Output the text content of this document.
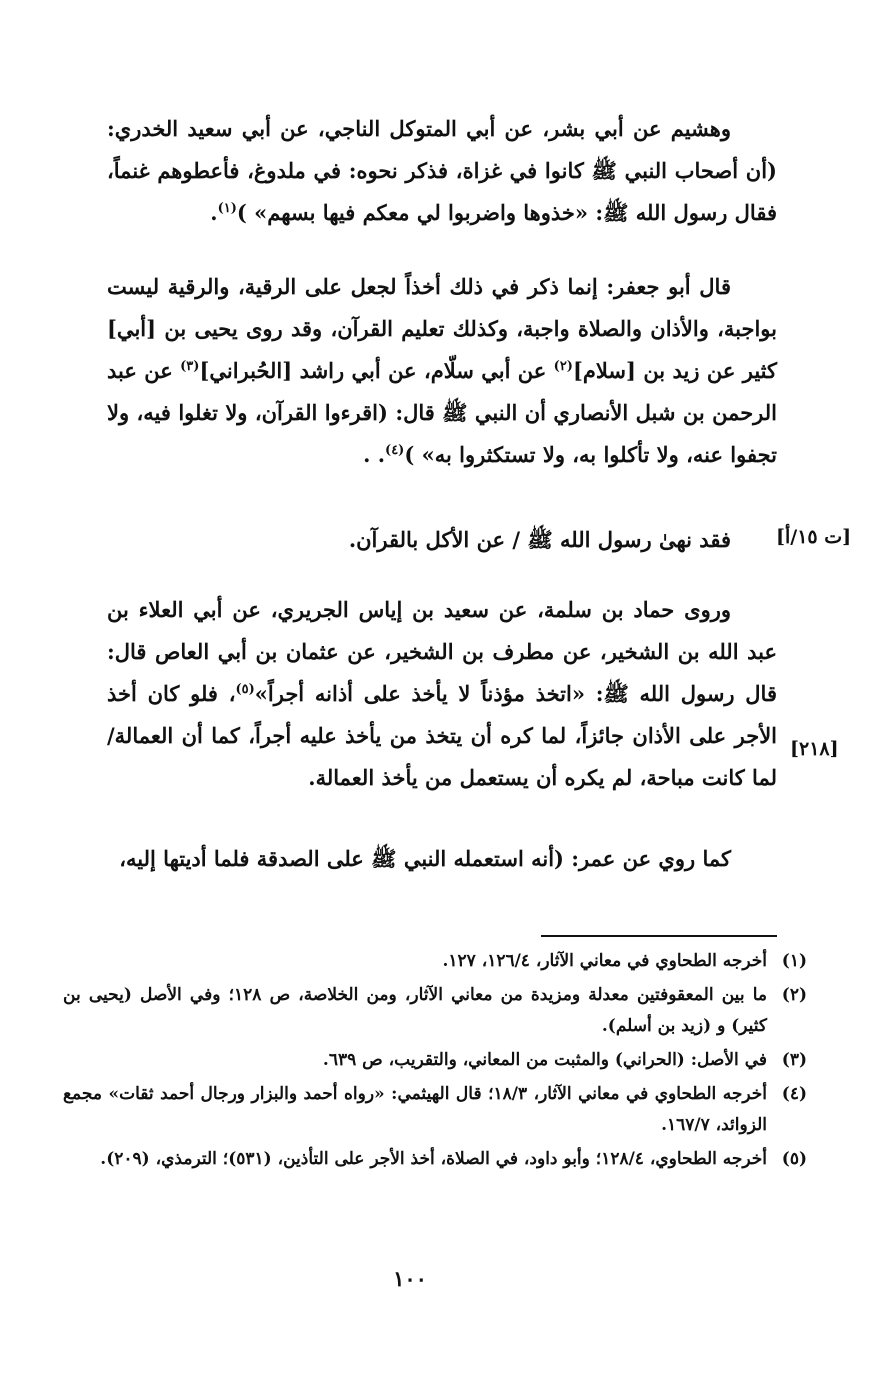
وهشيم عن أبي بشر، عن أبي المتوكل الناجي، عن أبي سعيد الخدري: (أن أصحاب النبي ﷺ كانوا في غزاة، فذكر نحوه: في ملدوغ، فأعطوهم غنماً، فقال رسول الله ﷺ: «خذوها واضربوا لي معكم فيها بسهم» )$^{(١)}$.
قال أبو جعفر: إنما ذكر في ذلك أخذاً لجعل على الرقية، والرقية ليست بواجبة، والأذان والصلاة واجبة، وكذلك تعليم القرآن، وقد روى يحيى بن [أبي] كثير عن زيد بن [سلام]$^{(٢)}$ عن أبي سلّام، عن أبي راشد [الحُبراني]$^{(٣)}$ عن عبد الرحمن بن شبل الأنصاري أن النبي ﷺ قال: (اقرءوا القرآن، ولا تغلوا فيه، ولا تجفوا عنه، ولا تأكلوا به، ولا تستكثروا به» )$^{(٤)}$. .
فقد نهىٰ رسول الله ﷺ / عن الأكل بالقرآن.	[ت ١٥/أ]
وروى حماد بن سلمة، عن سعيد بن إياس الجريري، عن أبي العلاء بن عبد الله بن الشخير، عن مطرف بن الشخير، عن عثمان بن أبي العاص قال: قال رسول الله ﷺ: «اتخذ مؤذناً لا يأخذ على أذانه أجراً»$^{(٥)}$، فلو كان أخذ الأجر على الأذان جائزاً، لما كره أن يتخذ من يأخذ عليه أجراً، كما أن العمالة/لما كانت مباحة، لم يكره أن يستعمل من يأخذ العمالة.
[٢١٨]
كما روي عن عمر: (أنه استعمله النبي ﷺ على الصدقة فلما أديتها إليه،
(١)
أخرجه الطحاوي في معاني الآثار، ١٢٦/٤، ١٢٧.
(٢)
ما بين المعقوفتين معدلة ومزيدة من معاني الآثار، ومن الخلاصة، ص ١٢٨؛ وفي الأصل (يحيى بن كثير) و (زيد بن أسلم).
(٣)
في الأصل: (الحراني) والمثبت من المعاني، والتقريب، ص ٦٣٩.
(٤)
أخرجه الطحاوي في معاني الآثار، ١٨/٣؛ قال الهيثمي: «رواه أحمد والبزار ورجال أحمد ثقات» مجمع الزوائد، ١٦٧/٧.
(٥)
أخرجه الطحاوي، ١٢٨/٤؛ وأبو داود، في الصلاة، أخذ الأجر على التأذين، (٥٣١)؛ الترمذي، (٢٠٩).
١٠٠
